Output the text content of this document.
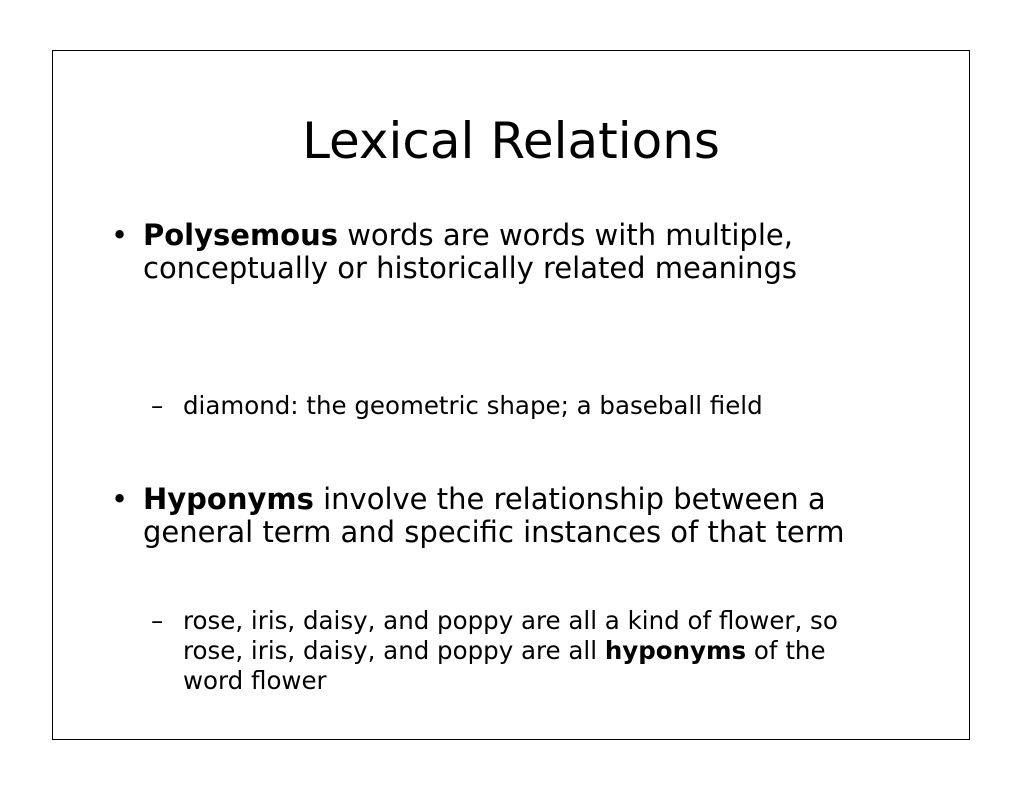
Lexical Relations
• Polysemous words are words with multiple, conceptually or historically related meanings
– diamond: the geometric shape; a baseball field
• Hyponyms involve the relationship between a general term and specific instances of that term
– rose, iris, daisy, and poppy are all a kind of flower, so rose, iris, daisy, and poppy are all hyponyms of the word flower
